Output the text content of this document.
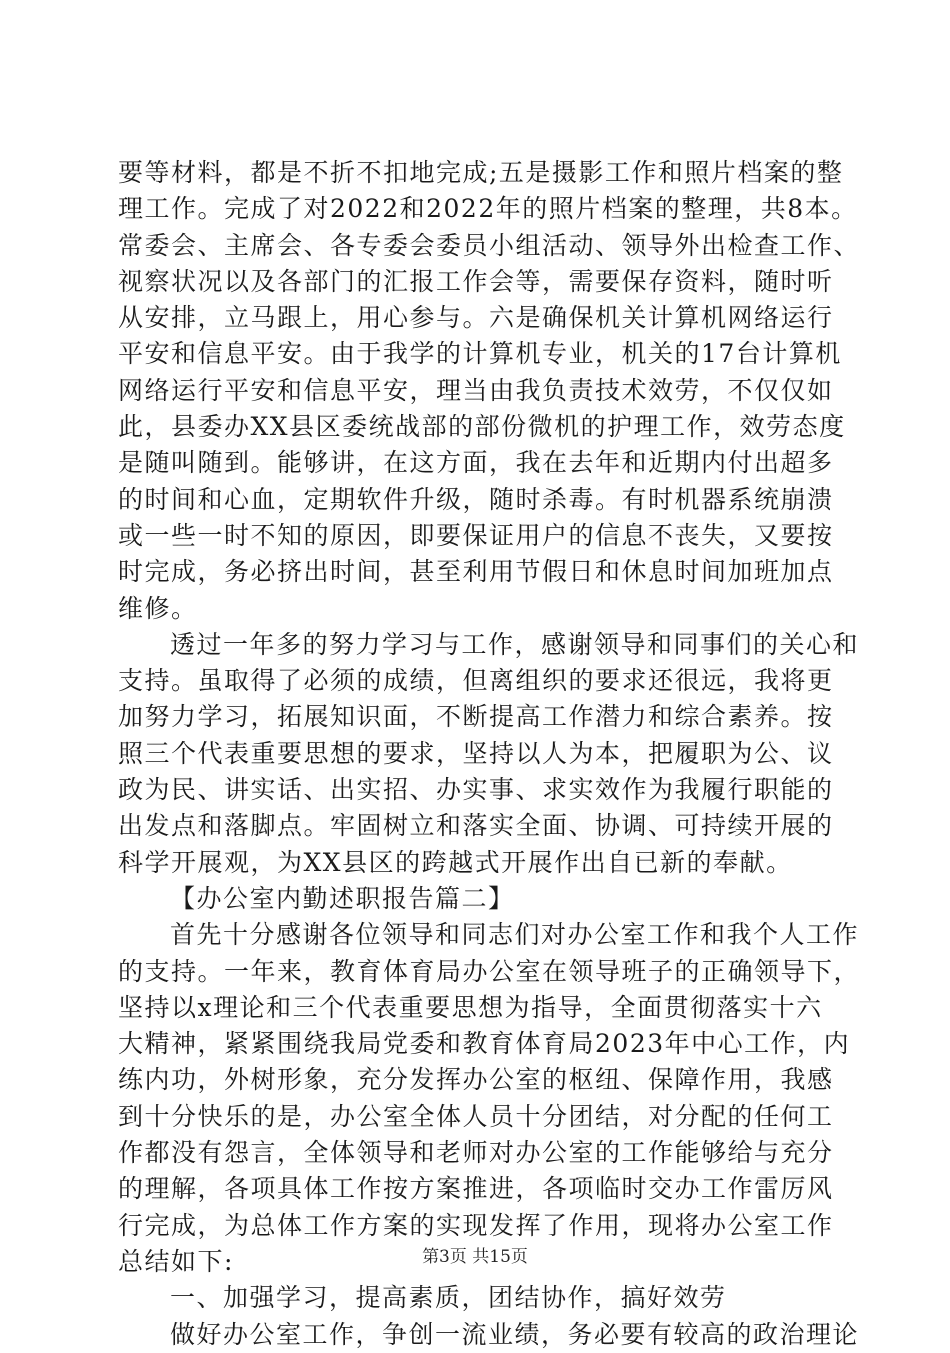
要等材料，都是不折不扣地完成;五是摄影工作和照片档案的整
理工作。完成了对2022和2022年的照片档案的整理，共8本。
常委会、主席会、各专委会委员小组活动、领导外出检查工作、
视察状况以及各部门的汇报工作会等，需要保存资料，随时听
从安排，立马跟上，用心参与。六是确保机关计算机网络运行
平安和信息平安。由于我学的计算机专业，机关的17台计算机
网络运行平安和信息平安，理当由我负责技术效劳，不仅仅如
此，县委办XX县区委统战部的部份微机的护理工作，效劳态度
是随叫随到。能够讲，在这方面，我在去年和近期内付出超多
的时间和心血，定期软件升级，随时杀毒。有时机器系统崩溃
或一些一时不知的原因，即要保证用户的信息不丧失，又要按
时完成，务必挤出时间，甚至利用节假日和休息时间加班加点
维修。
透过一年多的努力学习与工作，感谢领导和同事们的关心和
支持。虽取得了必须的成绩，但离组织的要求还很远，我将更
加努力学习，拓展知识面，不断提高工作潜力和综合素养。按
照三个代表重要思想的要求，坚持以人为本，把履职为公、议
政为民、讲实话、出实招、办实事、求实效作为我履行职能的
出发点和落脚点。牢固树立和落实全面、协调、可持续开展的
科学开展观，为XX县区的跨越式开展作出自已新的奉献。
【办公室内勤述职报告篇二】
首先十分感谢各位领导和同志们对办公室工作和我个人工作
的支持。一年来，教育体育局办公室在领导班子的正确领导下，
坚持以x理论和三个代表重要思想为指导，全面贯彻落实十六
大精神，紧紧围绕我局党委和教育体育局2023年中心工作，内
练内功，外树形象，充分发挥办公室的枢纽、保障作用，我感
到十分快乐的是，办公室全体人员十分团结，对分配的任何工
作都没有怨言，全体领导和老师对办公室的工作能够给与充分
的理解，各项具体工作按方案推进，各项临时交办工作雷厉风
行完成，为总体工作方案的实现发挥了作用，现将办公室工作
总结如下:
一、加强学习，提高素质，团结协作，搞好效劳
做好办公室工作，争创一流业绩，务必要有较高的政治理论
第3页 共15页
